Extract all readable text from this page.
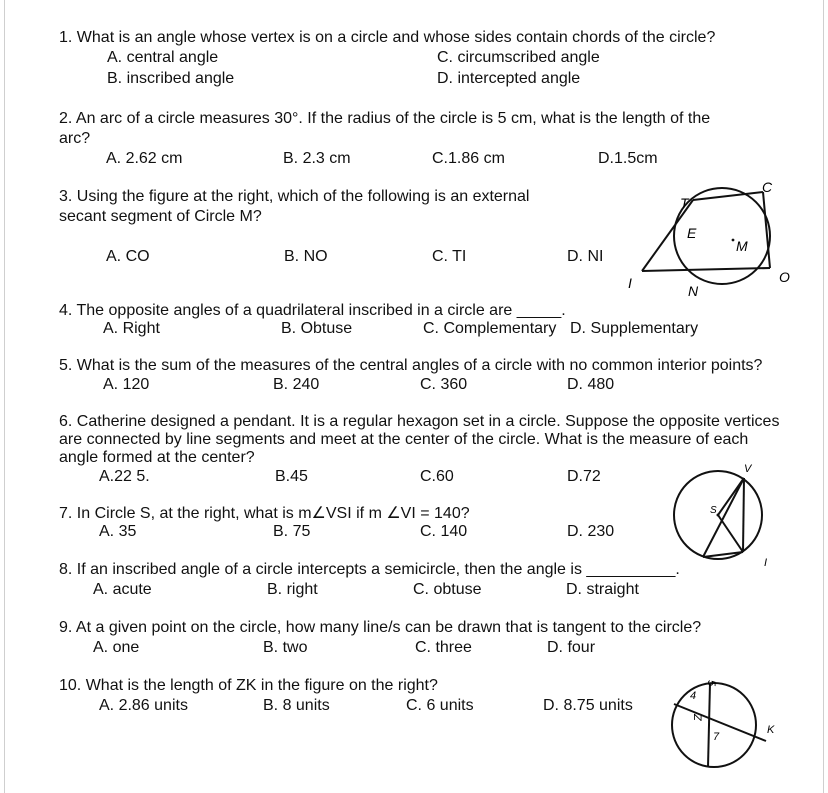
1. What is an angle whose vertex is on a circle and whose sides contain chords of the circle?
A. central angle
B. inscribed angle
C. circumscribed angle
D. intercepted angle
2. An arc of a circle measures 30°. If the radius of the circle is 5 cm, what is the length of the
arc?
A. 2.62 cm	B. 2.3 cm	C.1.86 cm	D.1.5cm
3. Using the figure at the right, which of the following is an external
secant segment of Circle M?
A. CO	B. NO	C. TI	D. NI
T
C
E
M
I	N
O
4. The opposite angles of a quadrilateral inscribed in a circle are _____.
A. Right	B. Obtuse	C. Complementary D. Supplementary
5. What is the sum of the measures of the central angles of a circle with no common interior points?
A. 120	B. 240	C. 360	D. 480
6. Catherine designed a pendant. It is a regular hexagon set in a circle. Suppose the opposite vertices
are connected by line segments and meet at the center of the circle. What is the measure of each
angle formed at the center?
A.22 5.	B.45	C.60	D.72	V
S
I
7. In Circle S, at the right, what is m∠VSI if m ∠VI = 140?
A. 35	B. 75	C. 140	D. 230
8. If an inscribed angle of a circle intercepts a semicircle, then the angle is __________.
A. acute	B. right	C. obtuse	D. straight
9. At a given point on the circle, how many line/s can be drawn that is tangent to the circle?
A. one	B. two	C. three	D. four
10. What is the length of ZK in the figure on the right?
A. 2.86 units	B. 8 units	C. 6 units	D. 8.75 units
5
4
Z
7
K
